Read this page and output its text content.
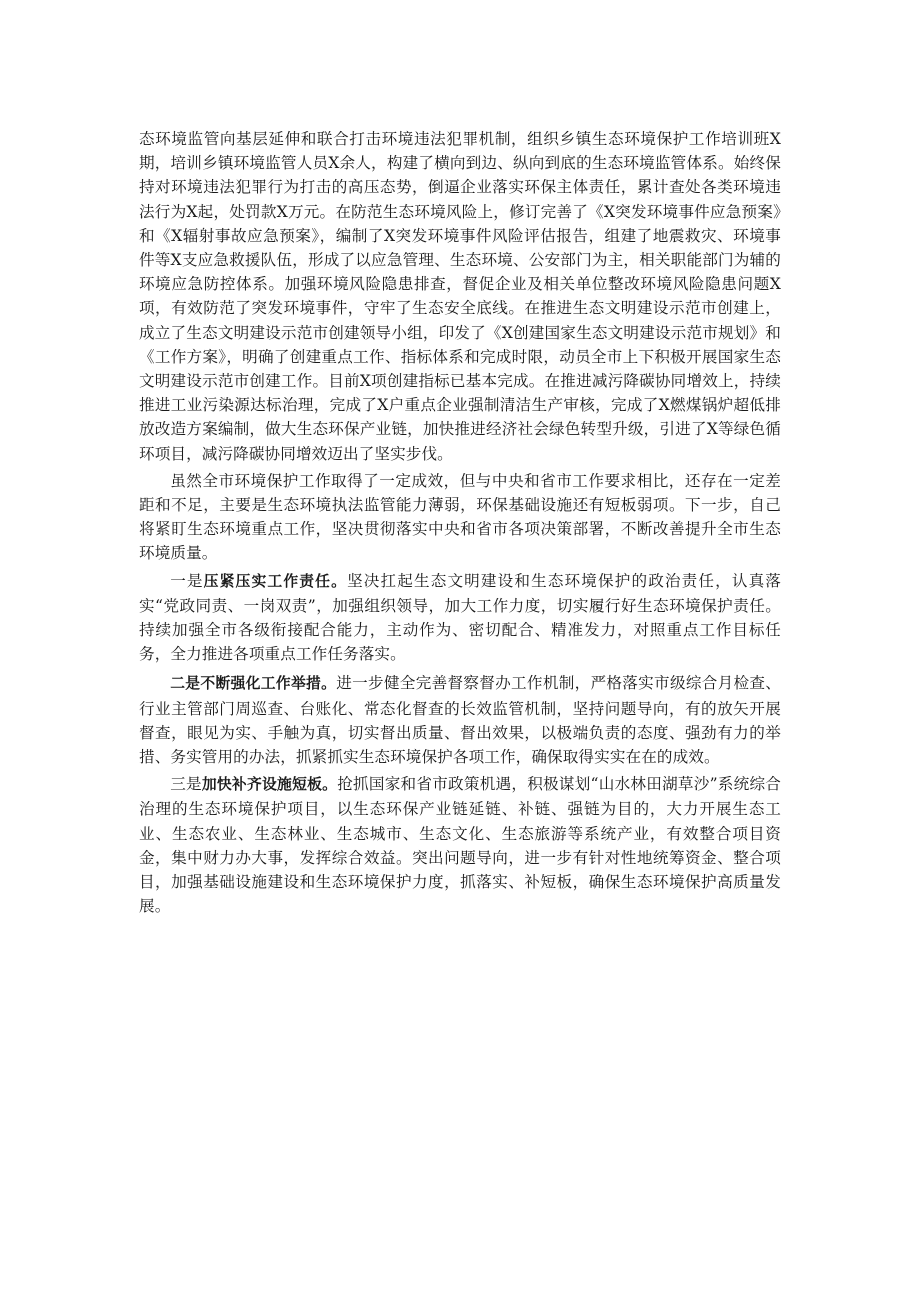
态环境监管向基层延伸和联合打击环境违法犯罪机制，组织乡镇生态环境保护工作培训班X期，培训乡镇环境监管人员X余人，构建了横向到边、纵向到底的生态环境监管体系。始终保持对环境违法犯罪行为打击的高压态势，倒逼企业落实环保主体责任，累计查处各类环境违法行为X起，处罚款X万元。在防范生态环境风险上，修订完善了《X突发环境事件应急预案》和《X辐射事故应急预案》，编制了X突发环境事件风险评估报告，组建了地震救灾、环境事件等X支应急救援队伍，形成了以应急管理、生态环境、公安部门为主，相关职能部门为辅的环境应急防控体系。加强环境风险隐患排查，督促企业及相关单位整改环境风险隐患问题X项，有效防范了突发环境事件，守牢了生态安全底线。在推进生态文明建设示范市创建上，成立了生态文明建设示范市创建领导小组，印发了《X创建国家生态文明建设示范市规划》和《工作方案》，明确了创建重点工作、指标体系和完成时限，动员全市上下积极开展国家生态文明建设示范市创建工作。目前X项创建指标已基本完成。在推进减污降碳协同增效上，持续推进工业污染源达标治理，完成了X户重点企业强制清洁生产审核，完成了X燃煤锅炉超低排放改造方案编制，做大生态环保产业链，加快推进经济社会绿色转型升级，引进了X等绿色循环项目，减污降碳协同增效迈出了坚实步伐。

虽然全市环境保护工作取得了一定成效，但与中央和省市工作要求相比，还存在一定差距和不足，主要是生态环境执法监管能力薄弱，环保基础设施还有短板弱项。下一步，自己将紧盯生态环境重点工作，坚决贯彻落实中央和省市各项决策部署，不断改善提升全市生态环境质量。

一是压紧压实工作责任。坚决扛起生态文明建设和生态环境保护的政治责任，认真落实“党政同责、一岗双责”，加强组织领导，加大工作力度，切实履行好生态环境保护责任。持续加强全市各级衔接配合能力，主动作为、密切配合、精准发力，对照重点工作目标任务，全力推进各项重点工作任务落实。

二是不断强化工作举措。进一步健全完善督察督办工作机制，严格落实市级综合月检查、行业主管部门周巡查、台账化、常态化督查的长效监管机制，坚持问题导向，有的放矢开展督查，眼见为实、手触为真，切实督出质量、督出效果，以极端负责的态度、强劲有力的举措、务实管用的办法，抓紧抓实生态环境保护各项工作，确保取得实实在在的成效。

三是加快补齐设施短板。抢抓国家和省市政策机遇，积极谋划“山水林田湖草沙”系统综合治理的生态环境保护项目，以生态环保产业链延链、补链、强链为目的，大力开展生态工业、生态农业、生态林业、生态城市、生态文化、生态旅游等系统产业，有效整合项目资金，集中财力办大事，发挥综合效益。突出问题导向，进一步有针对性地统筹资金、整合项目，加强基础设施建设和生态环境保护力度，抓落实、补短板，确保生态环境保护高质量发展。
